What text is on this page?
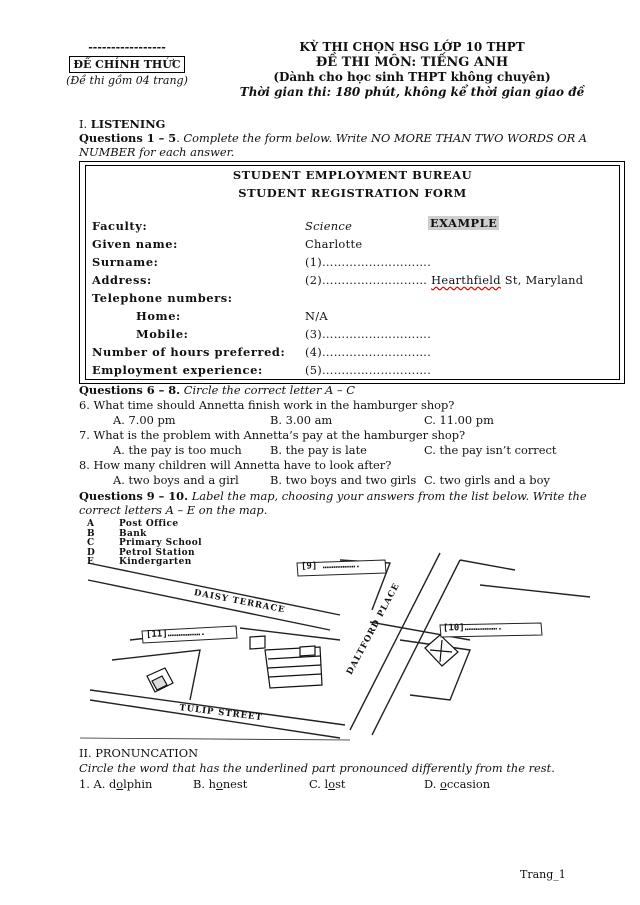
-----------------
ĐỀ CHÍNH THỨC
(Đề thi gồm 04 trang)
KỲ THI CHỌN HSG LỚP 10 THPT
ĐỀ THI MÔN: TIẾNG ANH
(Dành cho học sinh THPT không chuyên)
Thời gian thi: 180 phút, không kể thời gian giao đề
I. LISTENING
Questions 1 – 5. Complete the form below. Write NO MORE THAN TWO WORDS OR A
NUMBER for each answer.
STUDENT EMPLOYMENT BUREAU
STUDENT REGISTRATION FORM
EXAMPLE
Faculty:	Science
Given name:	Charlotte
Surname:	(1)……………………….
Address:	(2)……………………… Hearthfield St, Maryland
Telephone numbers:
Home:	N/A
Mobile:	(3)……………………….
Number of hours preferred: (4)……………………….
Employment experience:	(5)……………………….
Questions 6 – 8. Circle the correct letter A – C
6. What time should Annetta finish work in the hamburger shop?
A. 7.00 pm	B. 3.00 am	C. 11.00 pm
7. What is the problem with Annetta’s pay at the hamburger shop?
A. the pay is too much B. the pay is late	C. the pay isn’t correct
8. How many children will Annetta have to look after?
A. two boys and a girl	B. two boys and two girls C. two girls and a boy
Questions 9 – 10. Label the map, choosing your answers from the list below. Write the
correct letters A – E on the map.
A	Post Office
B	Bank
C	Primary School
D	Petrol Station
E	Kindergarten	[9] ……………….
[11]……………….	[10]……………….
DAISY TERRACE	DALTFORD PLACE
TULIP STREET
II. PRONUNCATION
Circle the word that has the underlined part pronounced differently from the rest.
1. A. dolphin	B. honest	C. lost	D. occasion
Trang_1
